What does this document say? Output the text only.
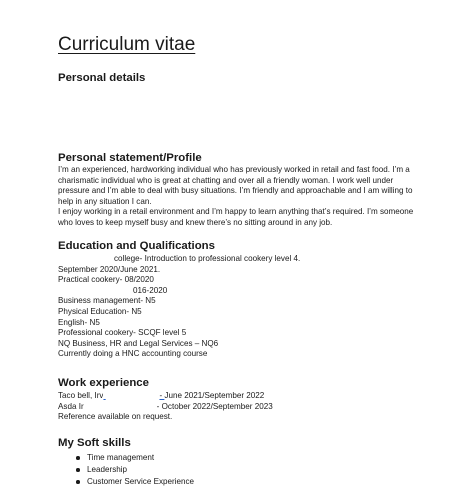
Curriculum vitae
Personal details
Personal statement/Profile
I’m an experienced, hardworking individual who has previously worked in retail and fast food. I’m a
charismatic individual who is great at chatting and over all a friendly woman. I work well under
pressure and I’m able to deal with busy situations. I’m friendly and approachable and I am willing to
help in any situation I can.
I enjoy working in a retail environment and I’m happy to learn anything that’s required. I’m someone
who loves to keep myself busy and knew there’s no sitting around in any job.
Education and Qualifications
college- Introduction to professional cookery level 4.
September 2020/June 2021.
Practical cookery- 08/2020
016-2020
Business management- N5
Physical Education- N5
English- N5
Professional cookery- SCQF level 5
NQ Business, HR and Legal Services – NQ6
Currently doing a HNC accounting course
Work experience
Taco bell, Irv	- June 2021/September 2022
Asda Ir	- October 2022/September 2023
Reference available on request.
My Soft skills
Time management
Leadership
Customer Service Experience
